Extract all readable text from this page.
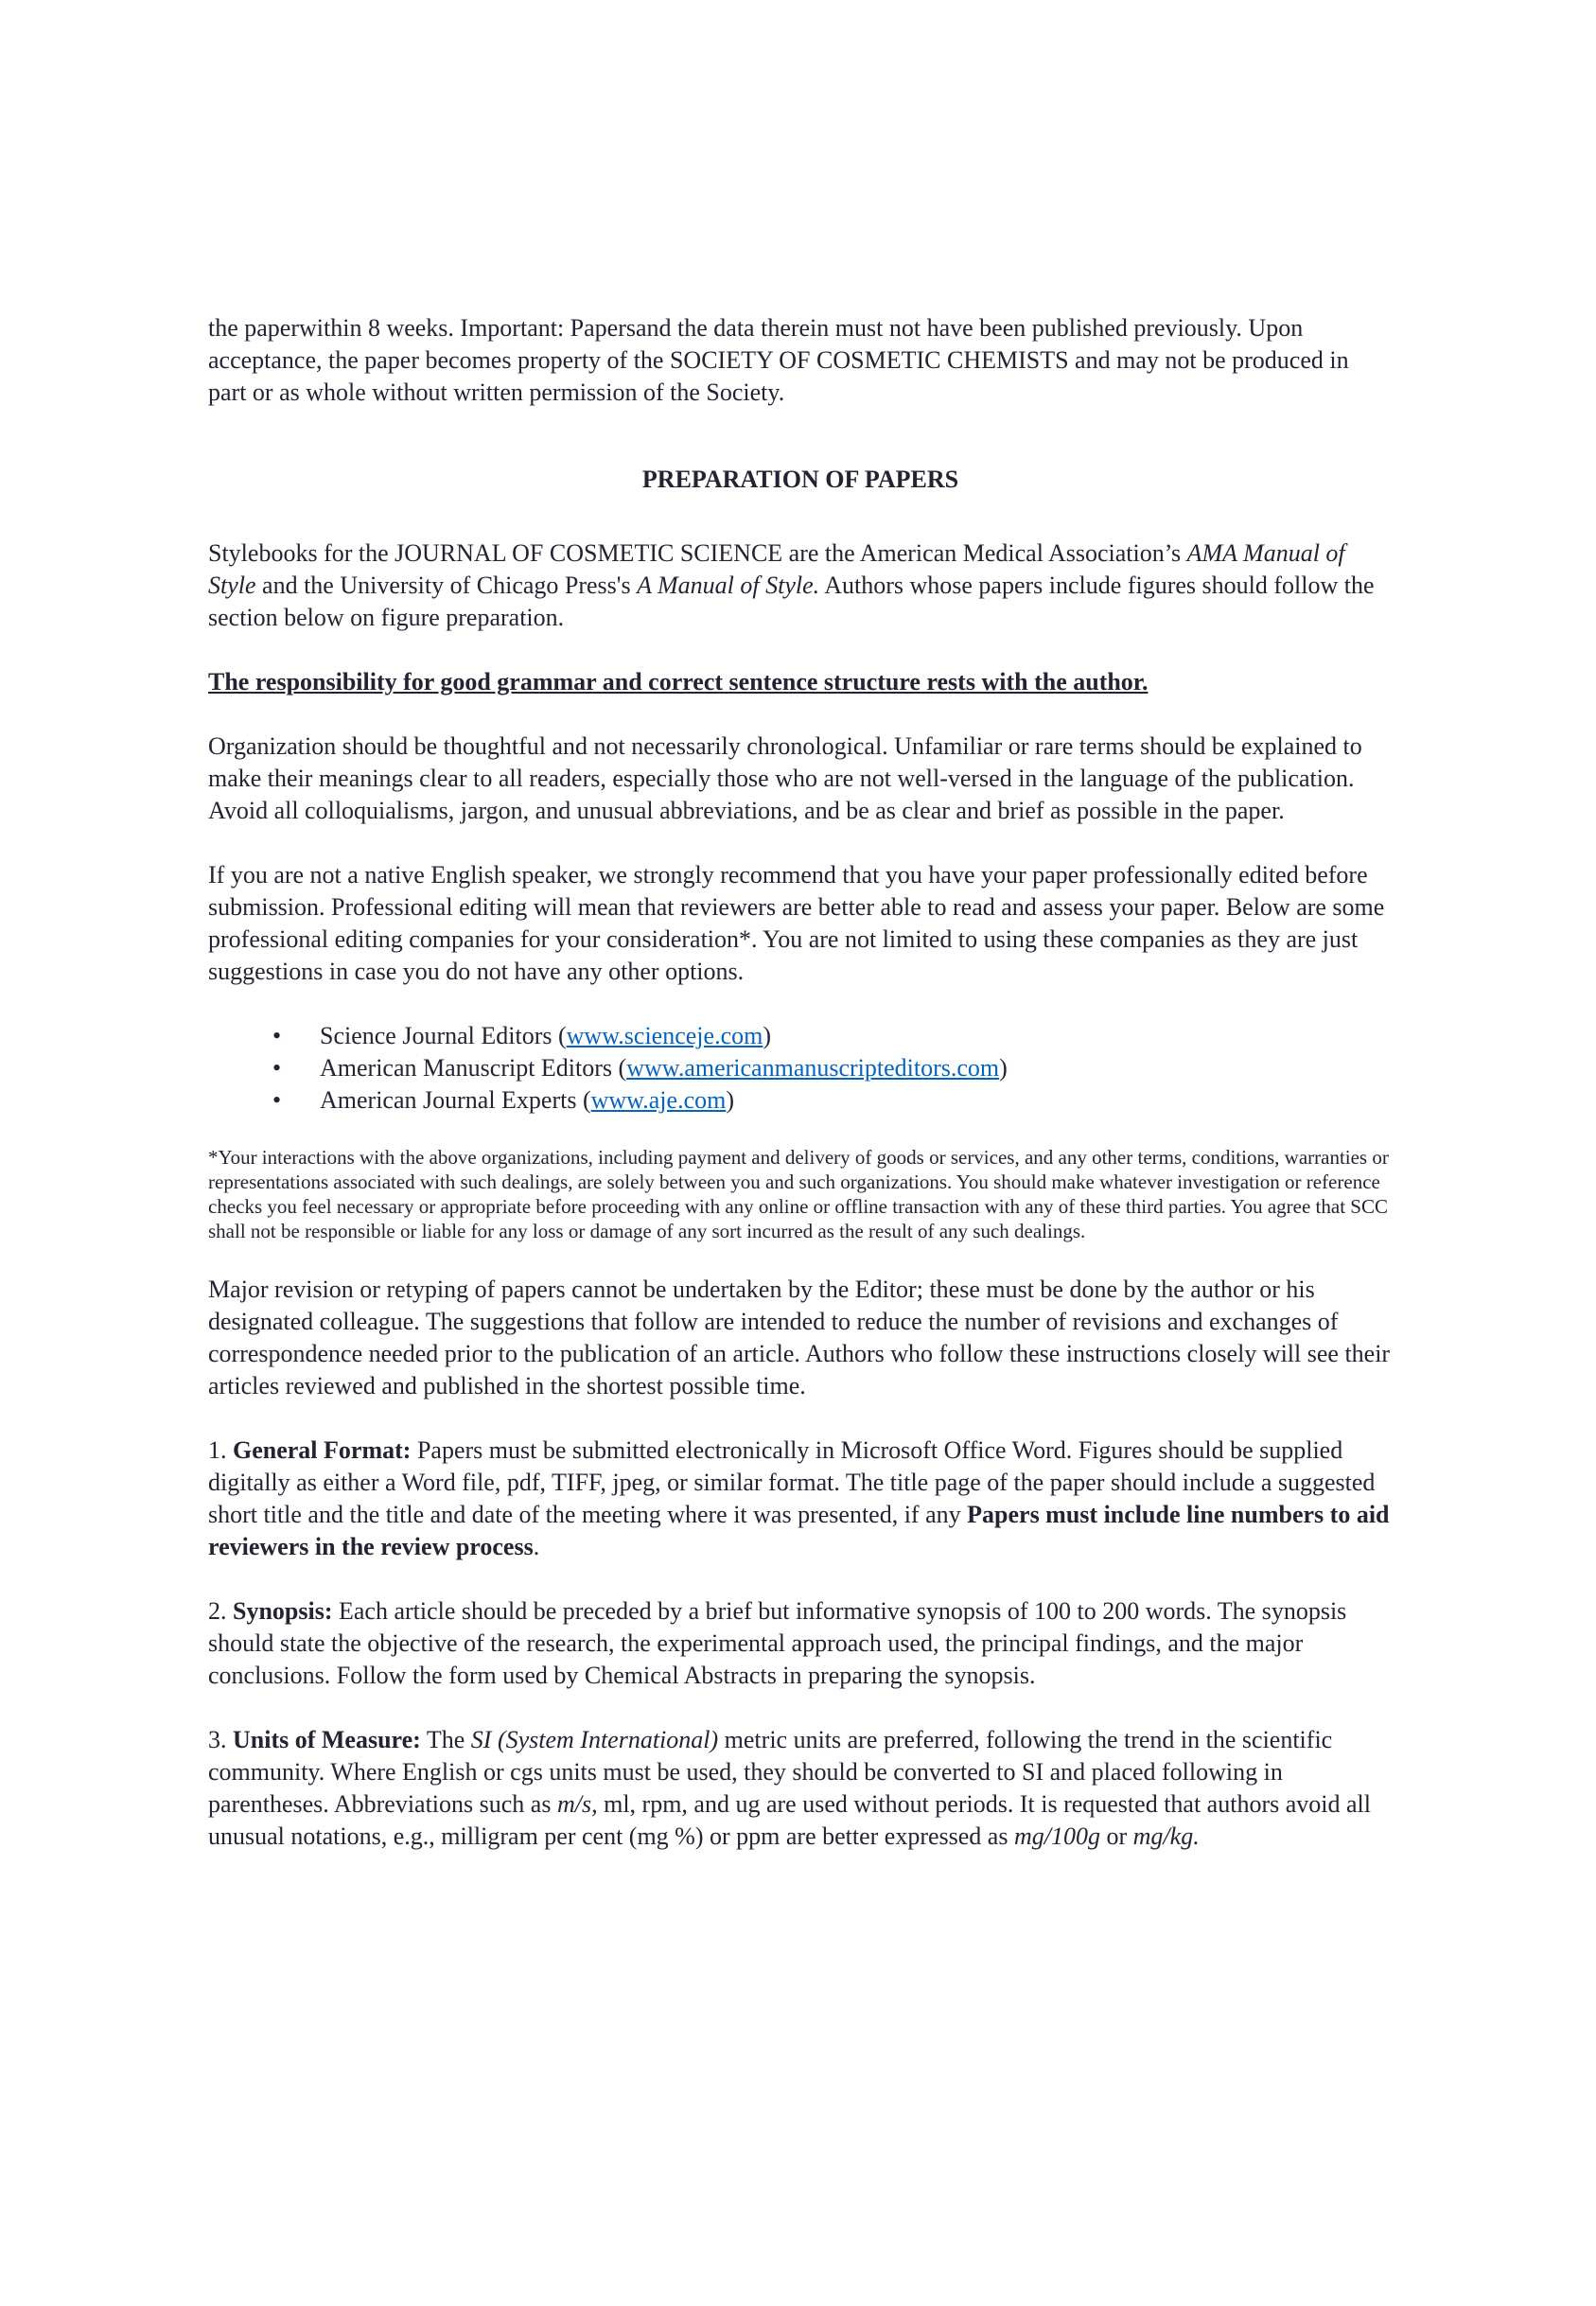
the paperwithin 8 weeks. Important: Papersand the data therein must not have been published previously. Upon acceptance, the paper becomes property of the SOCIETY OF COSMETIC CHEMISTS and may not be produced in part or as whole without written permission of the Society.
PREPARATION OF PAPERS
Stylebooks for the JOURNAL OF COSMETIC SCIENCE are the American Medical Association’s AMA Manual of Style and the University of Chicago Press's A Manual of Style. Authors whose papers include figures should follow the section below on figure preparation.
The responsibility for good grammar and correct sentence structure rests with the author.
Organization should be thoughtful and not necessarily chronological. Unfamiliar or rare terms should be explained to make their meanings clear to all readers, especially those who are not well-versed in the language of the publication. Avoid all colloquialisms, jargon, and unusual abbreviations, and be as clear and brief as possible in the paper.
If you are not a native English speaker, we strongly recommend that you have your paper professionally edited before submission. Professional editing will mean that reviewers are better able to read and assess your paper. Below are some professional editing companies for your consideration*. You are not limited to using these companies as they are just suggestions in case you do not have any other options.
• Science Journal Editors (www.scienceje.com)
• American Manuscript Editors (www.americanmanuscripteditors.com)
• American Journal Experts (www.aje.com)
*Your interactions with the above organizations, including payment and delivery of goods or services, and any other terms, conditions, warranties or representations associated with such dealings, are solely between you and such organizations. You should make whatever investigation or reference checks you feel necessary or appropriate before proceeding with any online or offline transaction with any of these third parties. You agree that SCC shall not be responsible or liable for any loss or damage of any sort incurred as the result of any such dealings.
Major revision or retyping of papers cannot be undertaken by the Editor; these must be done by the author or his designated colleague. The suggestions that follow are intended to reduce the number of revisions and exchanges of correspondence needed prior to the publication of an article. Authors who follow these instructions closely will see their articles reviewed and published in the shortest possible time.
1. General Format: Papers must be submitted electronically in Microsoft Office Word. Figures should be supplied digitally as either a Word file, pdf, TIFF, jpeg, or similar format. The title page of the paper should include a suggested short title and the title and date of the meeting where it was presented, if any Papers must include line numbers to aid reviewers in the review process.
2. Synopsis: Each article should be preceded by a brief but informative synopsis of 100 to 200 words. The synopsis should state the objective of the research, the experimental approach used, the principal findings, and the major conclusions. Follow the form used by Chemical Abstracts in preparing the synopsis.
3. Units of Measure: The SI (System International) metric units are preferred, following the trend in the scientific community. Where English or cgs units must be used, they should be converted to SI and placed following in parentheses. Abbreviations such as m/s, ml, rpm, and ug are used without periods. It is requested that authors avoid all unusual notations, e.g., milligram per cent (mg %) or ppm are better expressed as mg/100g or mg/kg.
